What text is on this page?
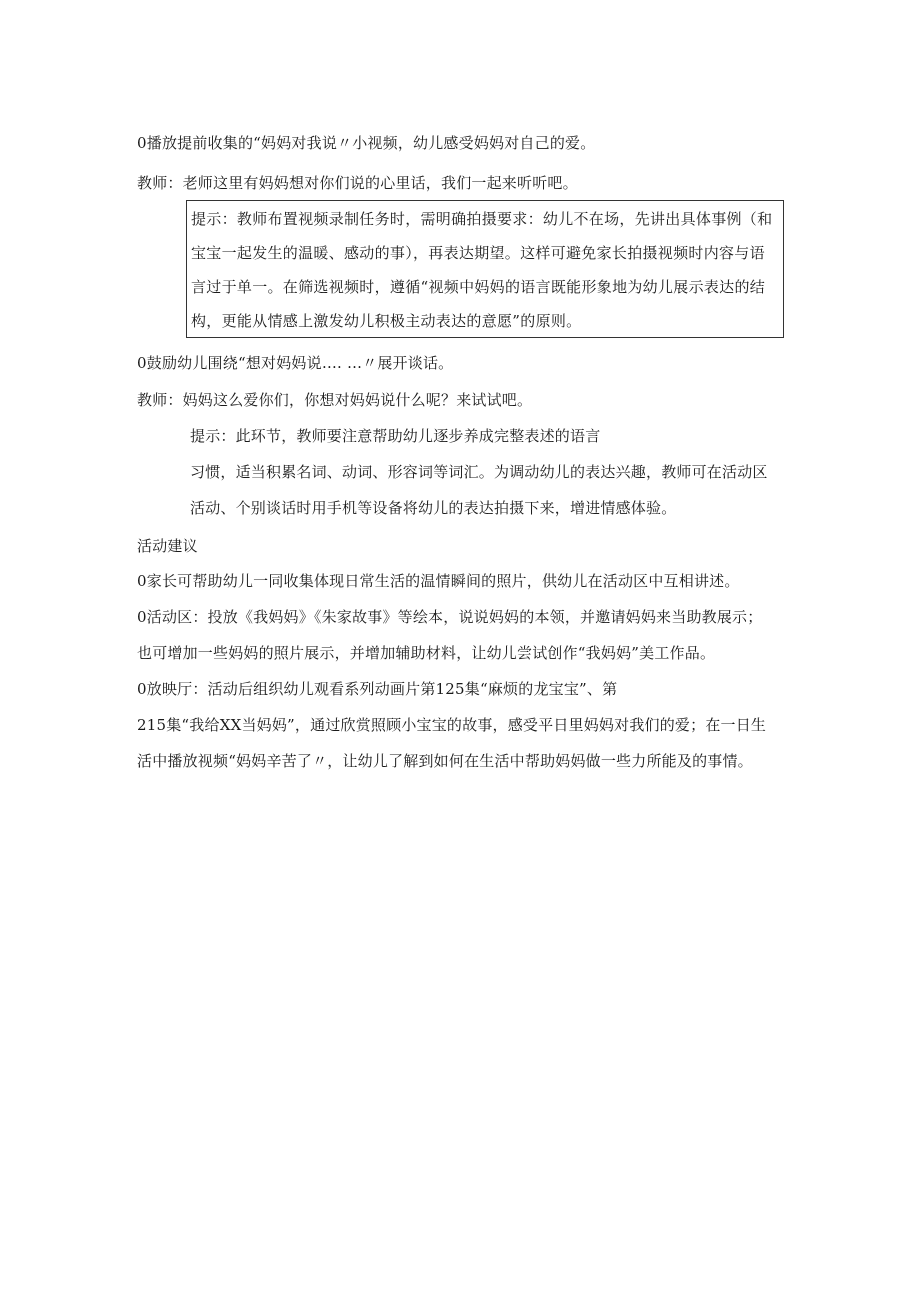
0播放提前收集的“妈妈对我说〃小视频，幼儿感受妈妈对自己的爱。
教师：老师这里有妈妈想对你们说的心里话，我们一起来听听吧。
提示：教师布置视频录制任务时，需明确拍摄要求：幼儿不在场，先讲出具体事例（和
宝宝一起发生的温暖、感动的事），再表达期望。这样可避免家长拍摄视频时内容与语
言过于单一。在筛选视频时，遵循“视频中妈妈的语言既能形象地为幼儿展示表达的结
构，更能从情感上激发幼儿积极主动表达的意愿”的原则。
0鼓励幼儿围绕“想对妈妈说…. …〃展开谈话。
教师：妈妈这么爱你们，你想对妈妈说什么呢？来试试吧。
提示：此环节，教师要注意帮助幼儿逐步养成完整表述的语言
习惯，适当积累名词、动词、形容词等词汇。为调动幼儿的表达兴趣，教师可在活动区
活动、个别谈话时用手机等设备将幼儿的表达拍摄下来，增进情感体验。
活动建议
0家长可帮助幼儿一同收集体现日常生活的温情瞬间的照片，供幼儿在活动区中互相讲述。
0活动区：投放《我妈妈》《朱家故事》等绘本，说说妈妈的本领，并邀请妈妈来当助教展示；
也可增加一些妈妈的照片展示，并增加辅助材料，让幼儿尝试创作“我妈妈”美工作品。
0放映厅：活动后组织幼儿观看系列动画片第125集“麻烦的龙宝宝”、第
215集“我给XX当妈妈”，通过欣赏照顾小宝宝的故事，感受平日里妈妈对我们的爱；在一日生
活中播放视频“妈妈辛苦了〃，让幼儿了解到如何在生活中帮助妈妈做一些力所能及的事情。
